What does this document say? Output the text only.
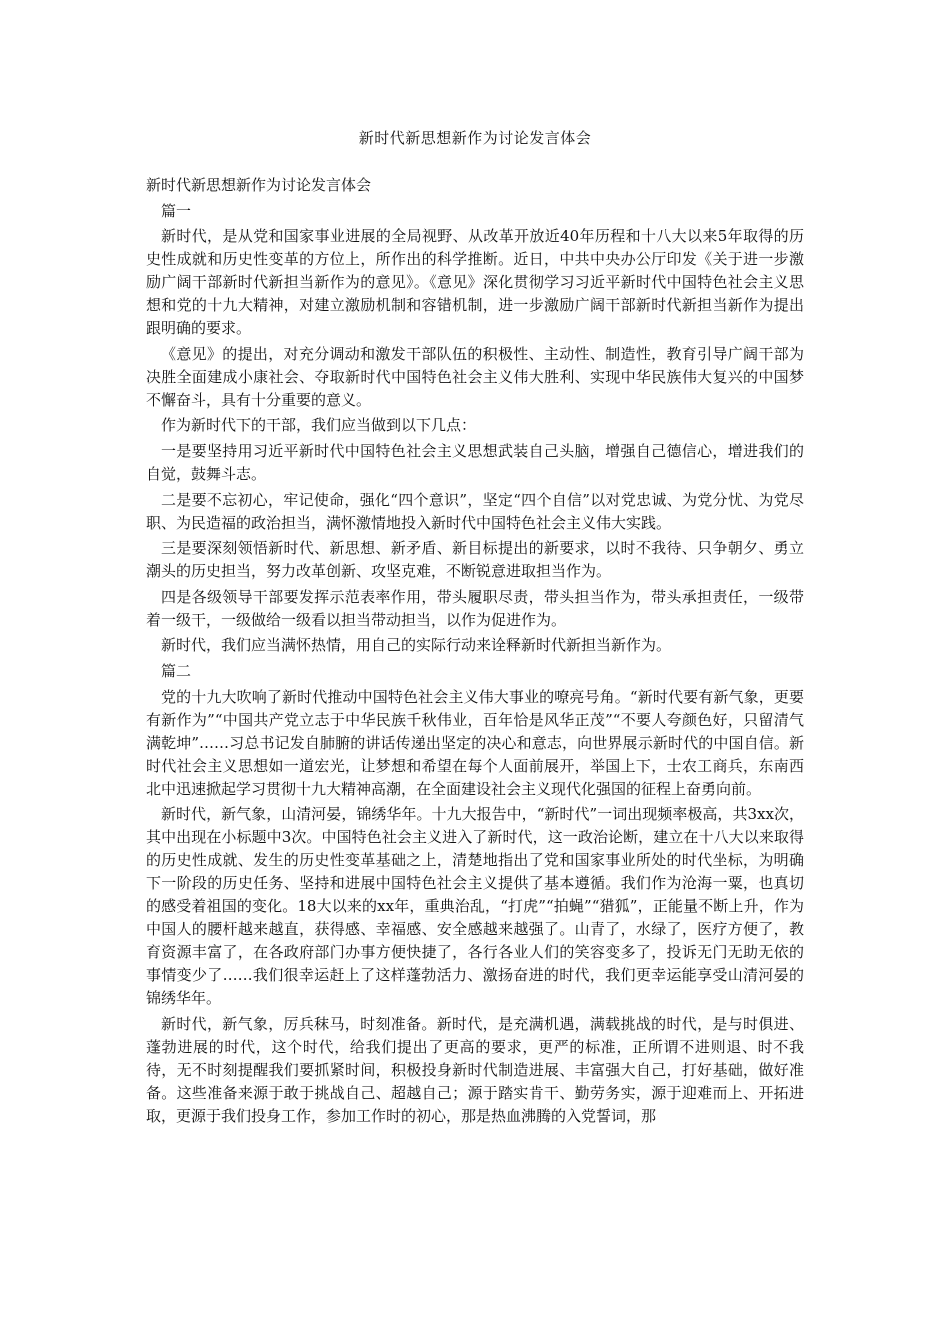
新时代新思想新作为讨论发言体会

新时代新思想新作为讨论发言体会

篇一

新时代，是从党和国家事业进展的全局视野、从改革开放近40年历程和十八大以来5年取得的历史性成就和历史性变革的方位上，所作出的科学推断。近日，中共中央办公厅印发《关于进一步激励广阔干部新时代新担当新作为的意见》。《意见》深化贯彻学习习近平新时代中国特色社会主义思想和党的十九大精神，对建立激励机制和容错机制，进一步激励广阔干部新时代新担当新作为提出跟明确的要求。

《意见》的提出，对充分调动和激发干部队伍的积极性、主动性、制造性，教育引导广阔干部为决胜全面建成小康社会、夺取新时代中国特色社会主义伟大胜利、实现中华民族伟大复兴的中国梦不懈奋斗，具有十分重要的意义。

作为新时代下的干部，我们应当做到以下几点：

一是要坚持用习近平新时代中国特色社会主义思想武装自己头脑，增强自己德信心，增进我们的自觉，鼓舞斗志。

二是要不忘初心，牢记使命，强化“四个意识”，坚定“四个自信”以对党忠诚、为党分忧、为党尽职、为民造福的政治担当，满怀激情地投入新时代中国特色社会主义伟大实践。

三是要深刻领悟新时代、新思想、新矛盾、新目标提出的新要求，以时不我待、只争朝夕、勇立潮头的历史担当，努力改革创新、攻坚克难，不断锐意进取担当作为。

四是各级领导干部要发挥示范表率作用，带头履职尽责，带头担当作为，带头承担责任，一级带着一级干，一级做给一级看以担当带动担当，以作为促进作为。

新时代，我们应当满怀热情，用自己的实际行动来诠释新时代新担当新作为。

篇二

党的十九大吹响了新时代推动中国特色社会主义伟大事业的嘹亮号角。“新时代要有新气象，更要有新作为”“中国共产党立志于中华民族千秋伟业，百年恰是风华正茂”“不要人夸颜色好，只留清气满乾坤”……习总书记发自肺腑的讲话传递出坚定的决心和意志，向世界展示新时代的中国自信。新时代社会主义思想如一道宏光，让梦想和希望在每个人面前展开，举国上下，士农工商兵，东南西北中迅速掀起学习贯彻十九大精神高潮，在全面建设社会主义现代化强国的征程上奋勇向前。

新时代，新气象，山清河晏，锦绣华年。十九大报告中，“新时代”一词出现频率极高，共3xx次，其中出现在小标题中3次。中国特色社会主义进入了新时代，这一政治论断，建立在十八大以来取得的历史性成就、发生的历史性变革基础之上，清楚地指出了党和国家事业所处的时代坐标，为明确下一阶段的历史任务、坚持和进展中国特色社会主义提供了基本遵循。我们作为沧海一粟，也真切的感受着祖国的变化。18大以来的xx年，重典治乱，“打虎”“拍蝇”“猎狐”，正能量不断上升，作为中国人的腰杆越来越直，获得感、幸福感、安全感越来越强了。山青了，水绿了，医疗方便了，教育资源丰富了，在各政府部门办事方便快捷了，各行各业人们的笑容变多了，投诉无门无助无依的事情变少了……我们很幸运赶上了这样蓬勃活力、激扬奋进的时代，我们更幸运能享受山清河晏的锦绣华年。

新时代，新气象，厉兵秣马，时刻准备。新时代，是充满机遇，满载挑战的时代，是与时俱进、蓬勃进展的时代，这个时代，给我们提出了更高的要求，更严的标准，正所谓不进则退、时不我待，无不时刻提醒我们要抓紧时间，积极投身新时代制造进展、丰富强大自己，打好基础，做好准备。这些准备来源于敢于挑战自己、超越自己；源于踏实肯干、勤劳务实，源于迎难而上、开拓进取，更源于我们投身工作，参加工作时的初心，那是热血沸腾的入党誓词，那
